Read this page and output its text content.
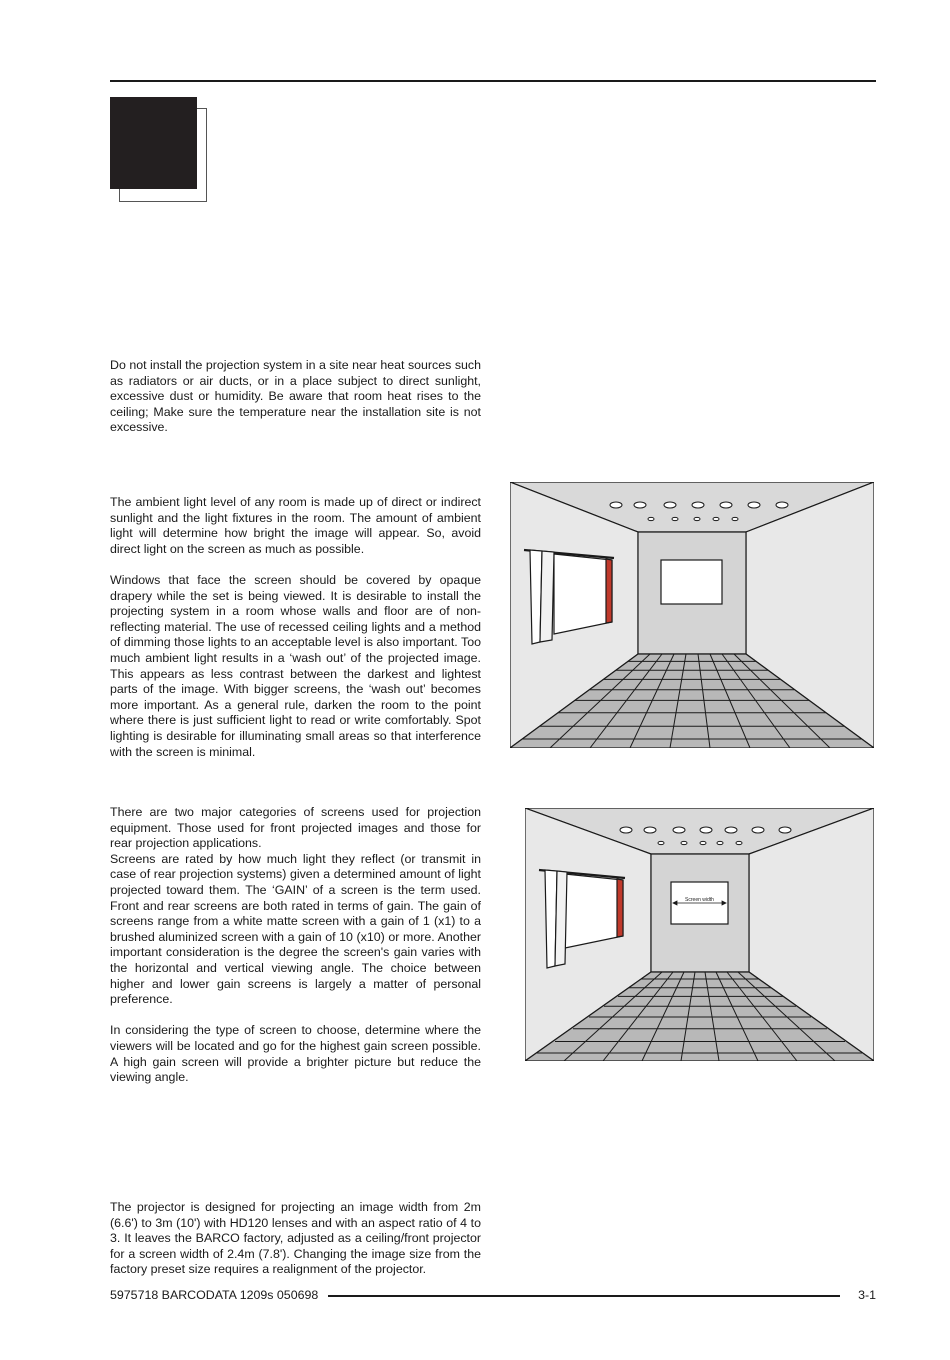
Do not install the projection system in a site near heat sources such as radiators or air ducts, or in a place subject to direct sunlight, excessive dust or humidity. Be aware that room heat rises to the ceiling; Make sure the temperature near the installation site is not excessive.

The ambient light level of any room is made up of direct or indirect sunlight and the light fixtures in the room. The amount of ambient light will determine how bright the image will appear. So, avoid direct light on the screen as much as possible.

Windows that face the screen should be covered by opaque drapery while the set is being viewed. It is desirable to install the projecting system in a room whose walls and floor are of non-reflecting material. The use of recessed ceiling lights and a method of dimming those lights to an acceptable level is also important. Too much ambient light results in a ‘wash out’ of the projected image. This appears as less contrast between the darkest and lightest parts of the image. With bigger screens, the ‘wash out’ becomes more important. As a general rule, darken the room to the point where there is just sufficient light to read or write comfortably. Spot lighting is desirable for illuminating small areas so that interference with the screen is minimal.

There are two major categories of screens used for projection equipment. Those used for front projected images and those for rear projection applications.
Screens are rated by how much light they reflect (or transmit in case of rear projection systems) given a determined amount of light projected toward them. The ‘GAIN’ of a screen is the term used. Front and rear screens are both rated in terms of gain. The gain of screens range from a white matte screen with a gain of 1 (x1) to a brushed aluminized screen with a gain of 10 (x10) or more. Another important consideration is the degree the screen's gain varies with the horizontal and vertical viewing angle. The choice between higher and lower gain screens is largely a matter of personal preference.

In considering the type of screen to choose, determine where the viewers will be located and go for the highest gain screen possible. A high gain screen will provide a brighter picture but reduce the viewing angle.

The projector is designed for projecting an image width from 2m (6.6') to 3m (10') with HD120 lenses and with an aspect ratio of 4 to 3. It leaves the BARCO factory, adjusted as a ceiling/front projector for a screen width of 2.4m (7.8'). Changing the image size from the factory preset size requires a realignment of the projector.

Screen width
5975718 BARCODATA 1209s 050698	3-1
